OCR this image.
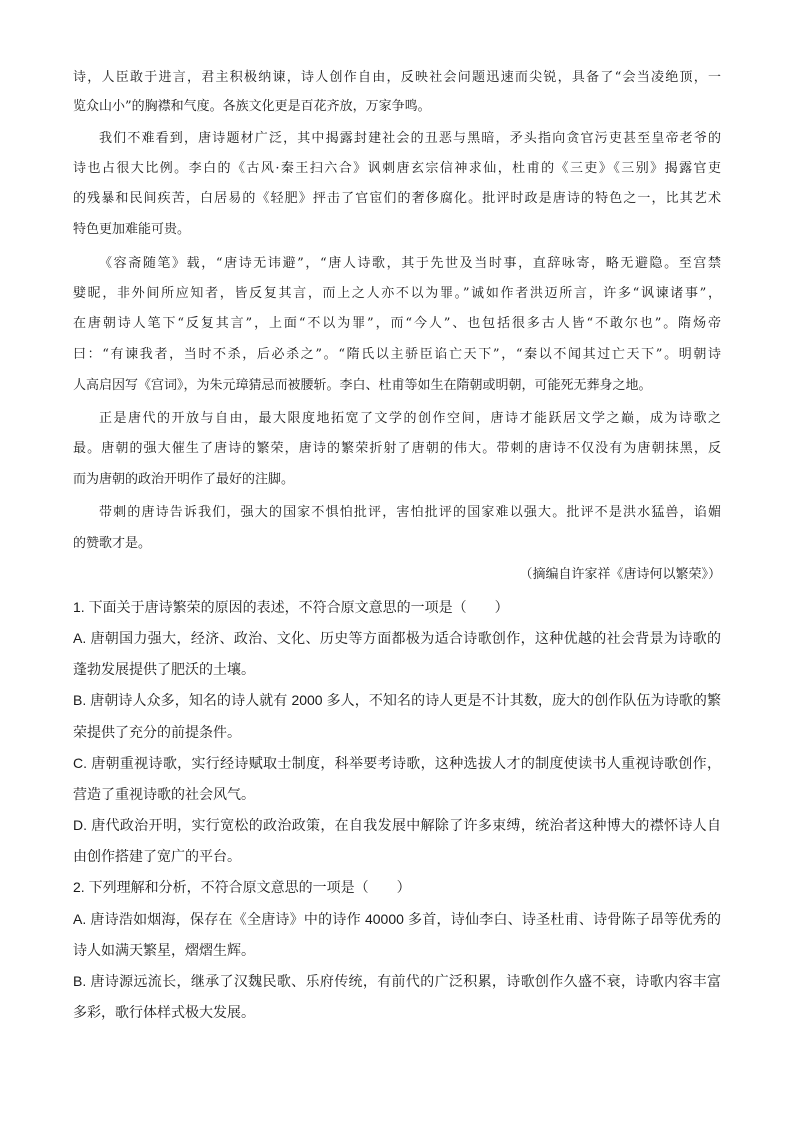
诗，人臣敢于进言，君主积极纳谏，诗人创作自由，反映社会问题迅速而尖锐，具备了“会当凌绝顶，一
览众山小”的胸襟和气度。各族文化更是百花齐放，万家争鸣。
我们不难看到，唐诗题材广泛，其中揭露封建社会的丑恶与黑暗，矛头指向贪官污吏甚至皇帝老爷的
诗也占很大比例。李白的《古风·秦王扫六合》讽刺唐玄宗信神求仙，杜甫的《三吏》《三别》揭露官吏
的残暴和民间疾苦，白居易的《轻肥》抨击了官宦们的奢侈腐化。批评时政是唐诗的特色之一，比其艺术
特色更加难能可贵。
《容斋随笔》载，“唐诗无讳避”，“唐人诗歌，其于先世及当时事，直辞咏寄，略无避隐。至宫禁
嬖昵，非外间所应知者，皆反复其言，而上之人亦不以为罪。”诚如作者洪迈所言，许多“讽谏诸事”，
在唐朝诗人笔下“反复其言”，上面“不以为罪”，而“今人”、也包括很多古人皆“不敢尔也”。隋炀帝
曰：“有谏我者，当时不杀，后必杀之”。“隋氏以主骄臣谄亡天下”，“秦以不闻其过亡天下”。明朝诗
人高启因写《宫词》，为朱元璋猜忌而被腰斩。李白、杜甫等如生在隋朝或明朝，可能死无葬身之地。
正是唐代的开放与自由，最大限度地拓宽了文学的创作空间，唐诗才能跃居文学之巅，成为诗歌之
最。唐朝的强大催生了唐诗的繁荣，唐诗的繁荣折射了唐朝的伟大。带刺的唐诗不仅没有为唐朝抹黑，反
而为唐朝的政治开明作了最好的注脚。
带刺的唐诗告诉我们，强大的国家不惧怕批评，害怕批评的国家难以强大。批评不是洪水猛兽，谄媚
的赞歌才是。
（摘编自许家祥《唐诗何以繁荣》）
1. 下面关于唐诗繁荣的原因的表述，不符合原文意思的一项是（　　）
A. 唐朝国力强大，经济、政治、文化、历史等方面都极为适合诗歌创作，这种优越的社会背景为诗歌的
蓬勃发展提供了肥沃的土壤。
B. 唐朝诗人众多，知名的诗人就有 2000 多人，不知名的诗人更是不计其数，庞大的创作队伍为诗歌的繁
荣提供了充分的前提条件。
C. 唐朝重视诗歌，实行经诗赋取士制度，科举要考诗歌，这种选拔人才的制度使读书人重视诗歌创作，
营造了重视诗歌的社会风气。
D. 唐代政治开明，实行宽松的政治政策，在自我发展中解除了许多束缚，统治者这种博大的襟怀诗人自
由创作搭建了宽广的平台。
2. 下列理解和分析，不符合原文意思的一项是（　　）
A. 唐诗浩如烟海，保存在《全唐诗》中的诗作 40000 多首，诗仙李白、诗圣杜甫、诗骨陈子昂等优秀的
诗人如满天繁星，熠熠生辉。
B. 唐诗源远流长，继承了汉魏民歌、乐府传统，有前代的广泛积累，诗歌创作久盛不衰，诗歌内容丰富
多彩，歌行体样式极大发展。
